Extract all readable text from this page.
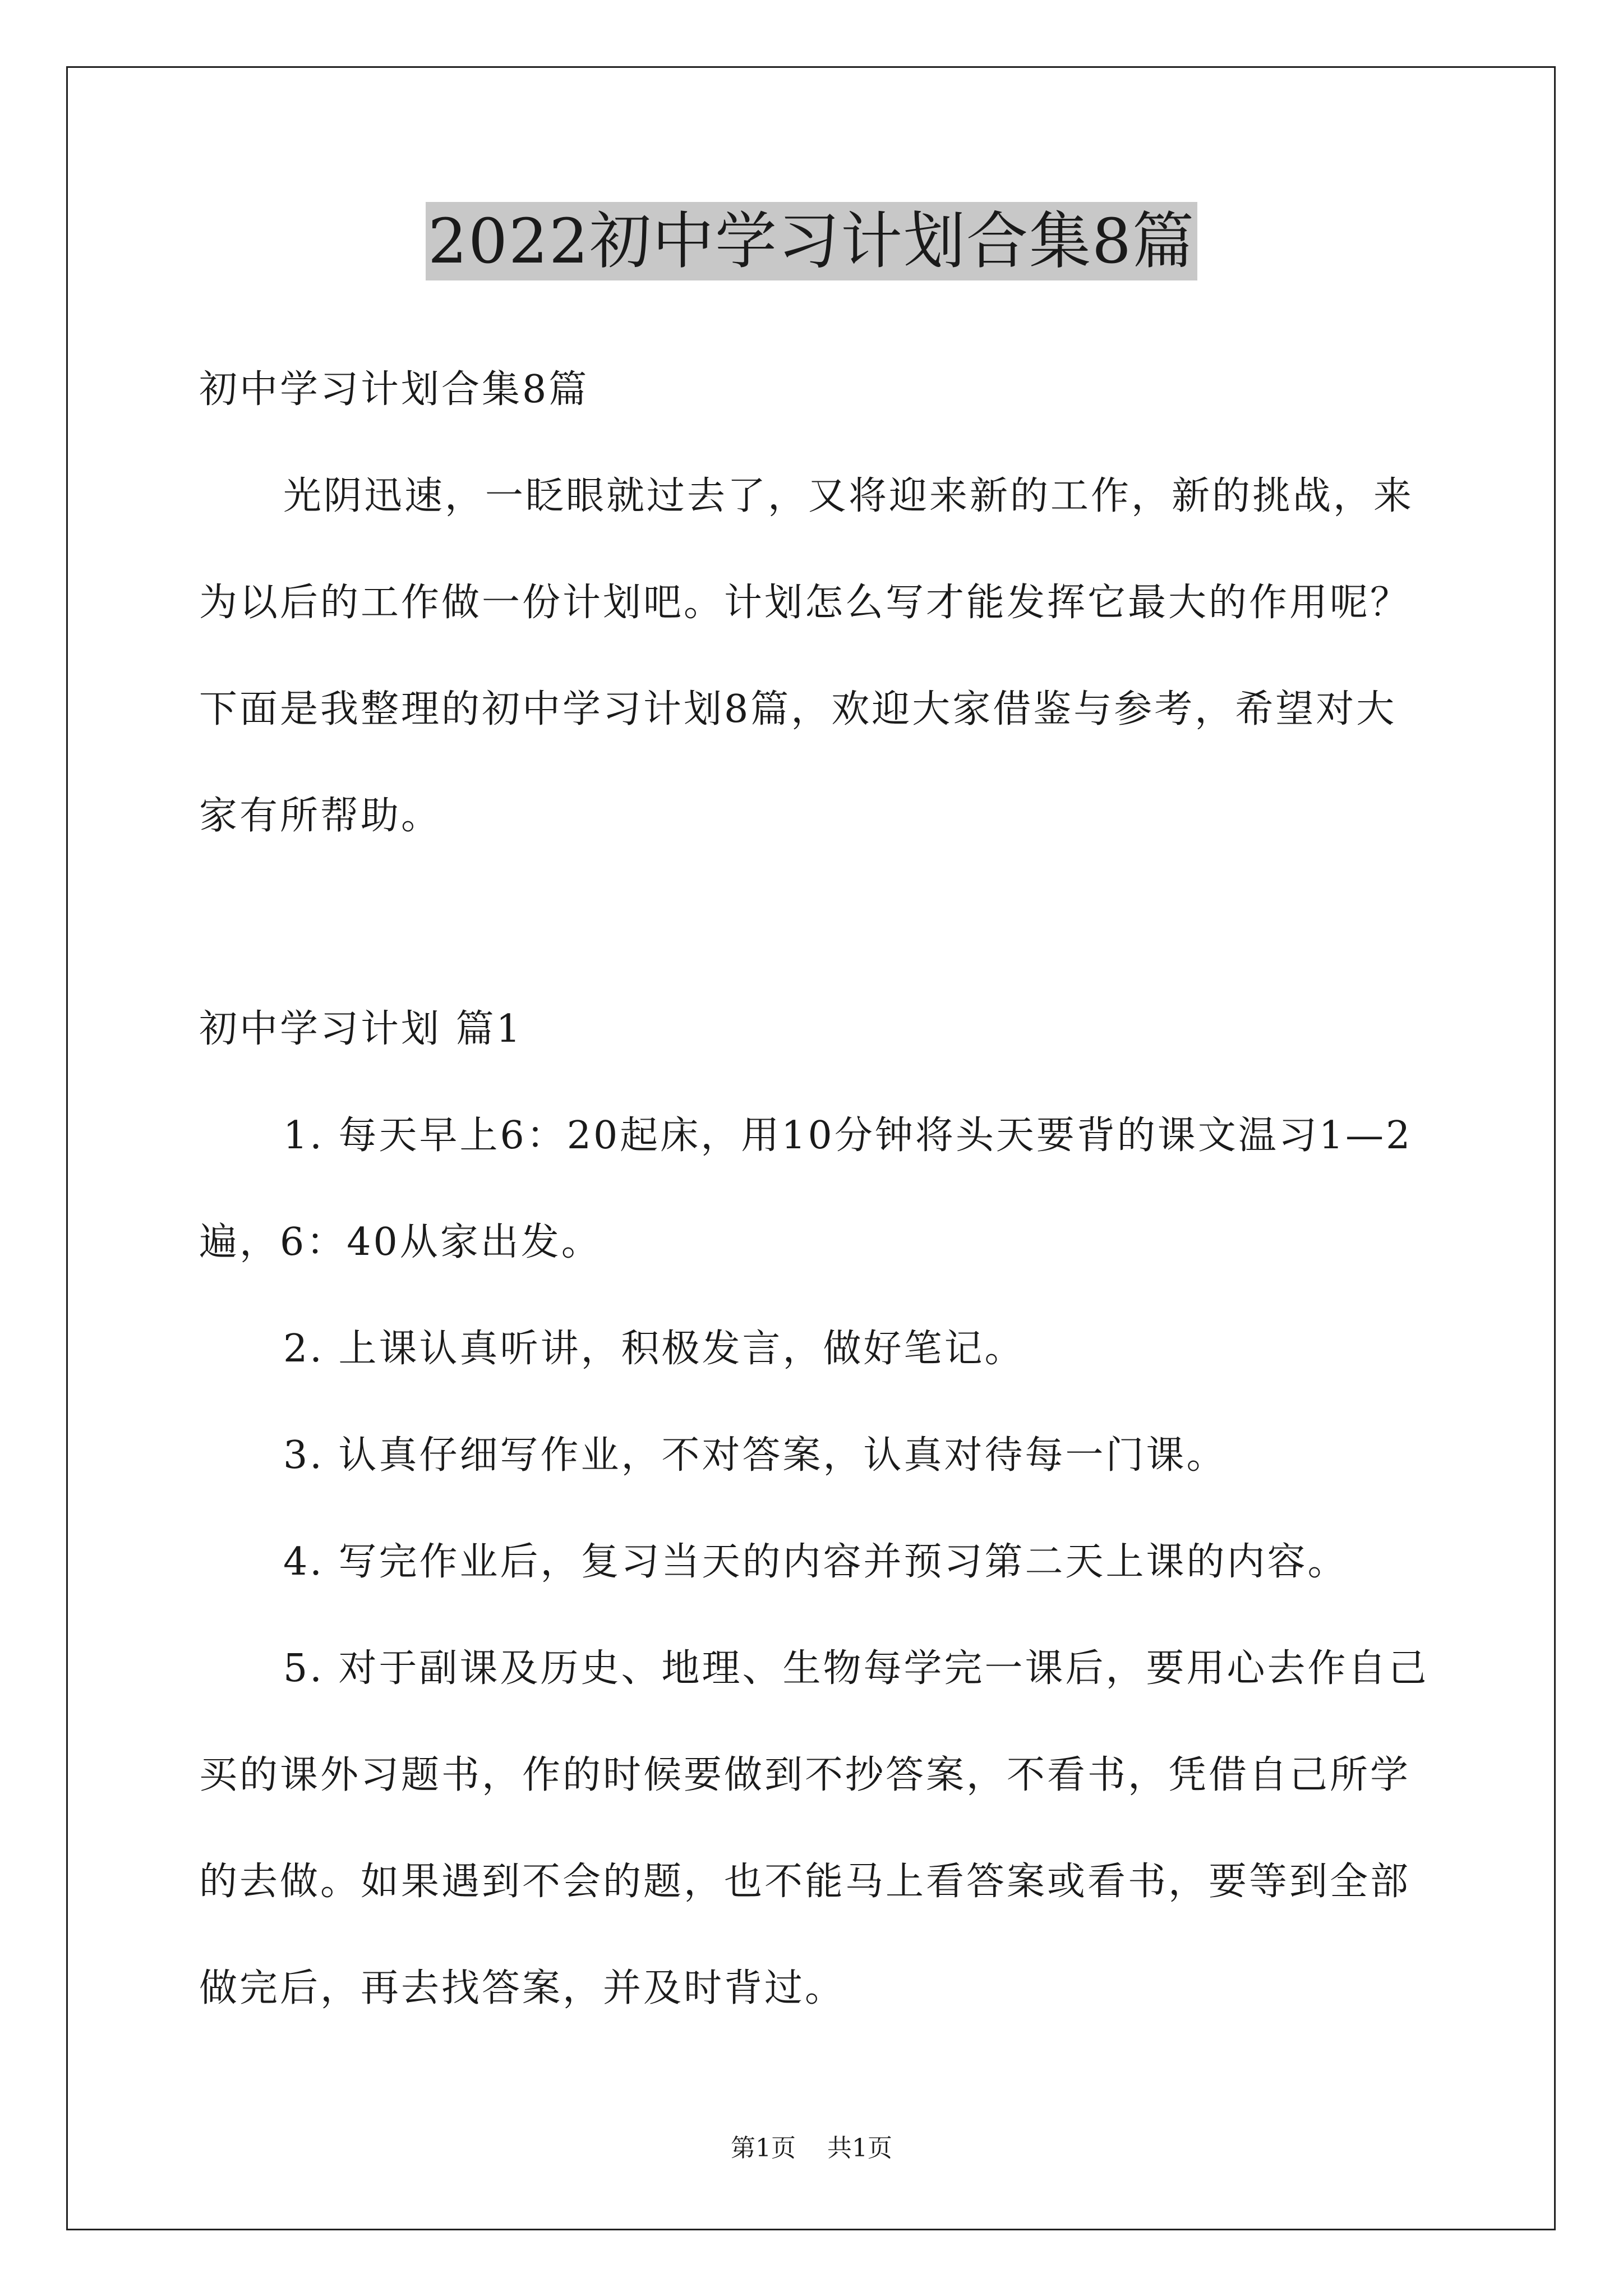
2022初中学习计划合集8篇
初中学习计划合集8篇
光阴迅速，一眨眼就过去了，又将迎来新的工作，新的挑战，来
为以后的工作做一份计划吧。计划怎么写才能发挥它最大的作用呢？
下面是我整理的初中学习计划8篇，欢迎大家借鉴与参考，希望对大
家有所帮助。
初中学习计划 篇1
1. 每天早上6：20起床，用10分钟将头天要背的课文温习1—2
遍，6：40从家出发。
2. 上课认真听讲，积极发言，做好笔记。
3. 认真仔细写作业，不对答案，认真对待每一门课。
4. 写完作业后，复习当天的内容并预习第二天上课的内容。
5. 对于副课及历史、地理、生物每学完一课后，要用心去作自己
买的课外习题书，作的时候要做到不抄答案，不看书，凭借自己所学
的去做。如果遇到不会的题，也不能马上看答案或看书，要等到全部
做完后，再去找答案，并及时背过。
第1页 共1页
